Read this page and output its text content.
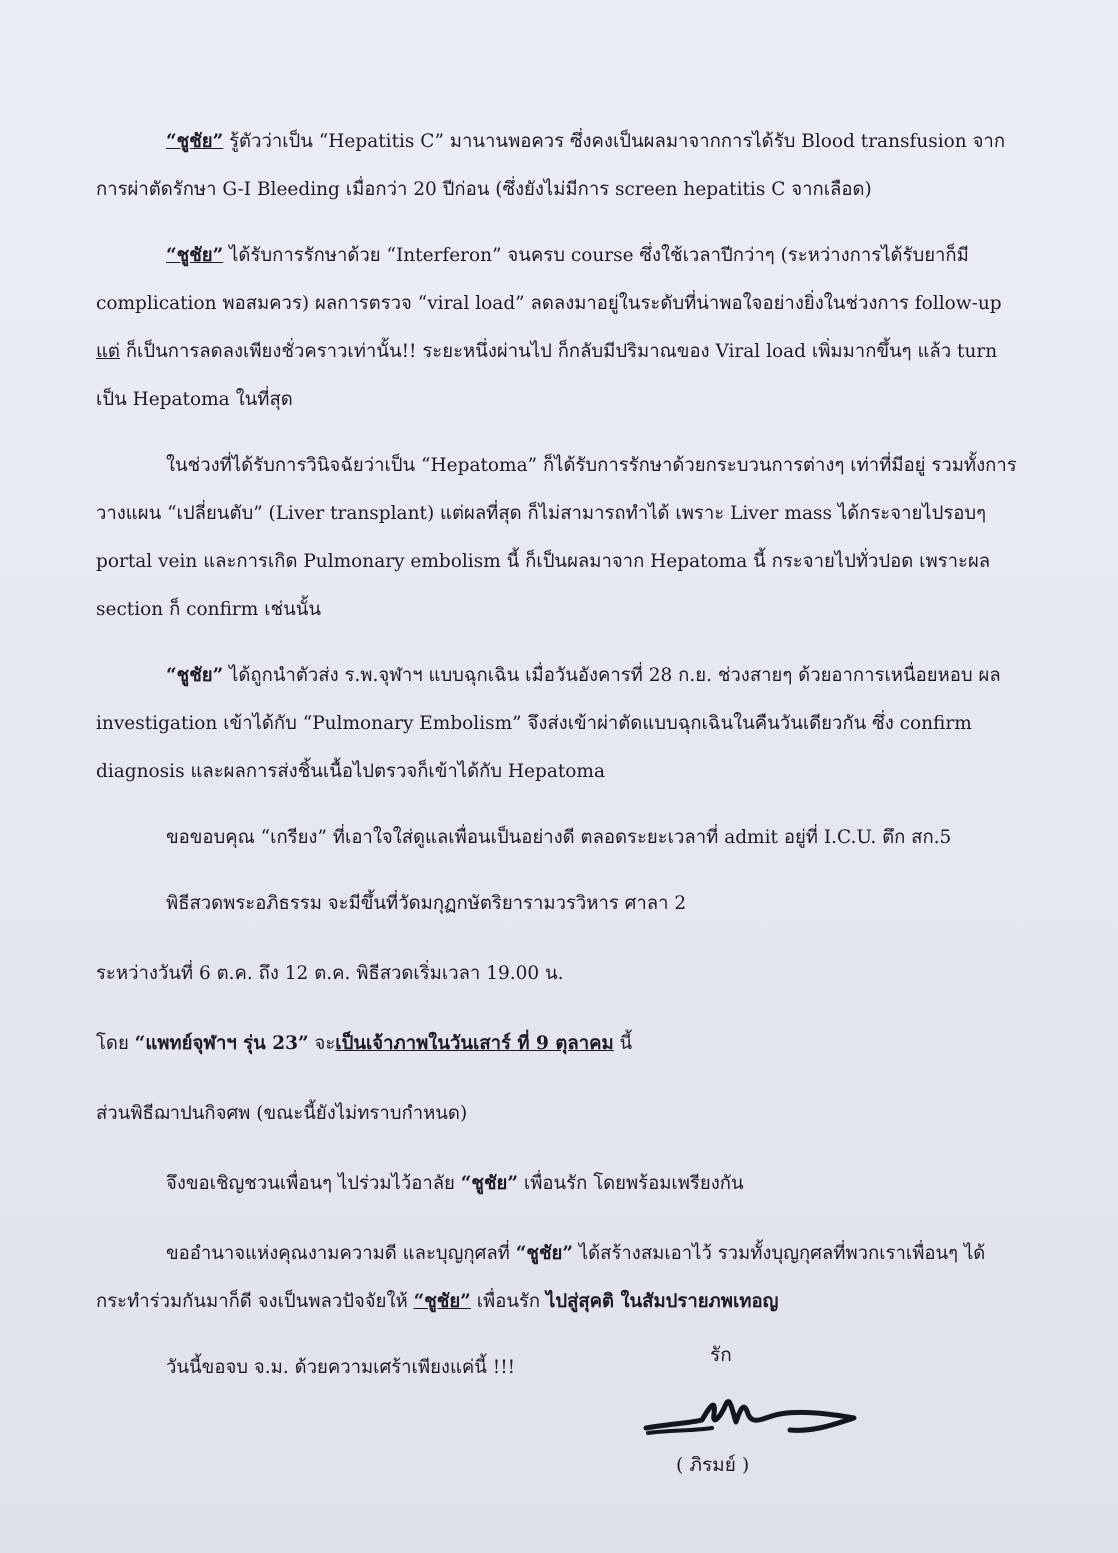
“ชูชัย” รู้ตัวว่าเป็น “Hepatitis C” มานานพอควร ซึ่งคงเป็นผลมาจากการได้รับ Blood transfusion จากการผ่าตัดรักษา G-I Bleeding เมื่อกว่า 20 ปีก่อน (ซึ่งยังไม่มีการ screen hepatitis C จากเลือด)

“ชูชัย” ได้รับการรักษาด้วย “Interferon” จนครบ course ซึ่งใช้เวลาปีกว่าๆ (ระหว่างการได้รับยาก็มี complication พอสมควร) ผลการตรวจ “viral load” ลดลงมาอยู่ในระดับที่น่าพอใจอย่างยิ่งในช่วงการ follow-up แต่ ก็เป็นการลดลงเพียงชั่วคราวเท่านั้น!! ระยะหนึ่งผ่านไป ก็กลับมีปริมาณของ Viral load เพิ่มมากขึ้นๆ แล้ว turn เป็น Hepatoma ในที่สุด

ในช่วงที่ได้รับการวินิจฉัยว่าเป็น “Hepatoma” ก็ได้รับการรักษาด้วยกระบวนการต่างๆ เท่าที่มีอยู่ รวมทั้งการวางแผน “เปลี่ยนตับ” (Liver transplant) แต่ผลที่สุด ก็ไม่สามารถทำได้ เพราะ Liver mass ได้กระจายไปรอบๆ portal vein และการเกิด Pulmonary embolism นี้ ก็เป็นผลมาจาก Hepatoma นี้ กระจายไปทั่วปอด เพราะผล section ก็ confirm เช่นนั้น

“ชูชัย” ได้ถูกนำตัวส่ง ร.พ.จุฬาฯ แบบฉุกเฉิน เมื่อวันอังคารที่ 28 ก.ย. ช่วงสายๆ ด้วยอาการเหนื่อยหอบ ผล investigation เข้าได้กับ “Pulmonary Embolism” จึงส่งเข้าผ่าตัดแบบฉุกเฉินในคืนวันเดียวกัน ซึ่ง confirm diagnosis และผลการส่งชิ้นเนื้อไปตรวจก็เข้าได้กับ Hepatoma

ขอขอบคุณ “เกรียง” ที่เอาใจใส่ดูแลเพื่อนเป็นอย่างดี ตลอดระยะเวลาที่ admit อยู่ที่ I.C.U. ตึก สก.5

พิธีสวดพระอภิธรรม จะมีขึ้นที่วัดมกุฏกษัตริยารามวรวิหาร ศาลา 2

ระหว่างวันที่ 6 ต.ค. ถึง 12 ต.ค. พิธีสวดเริ่มเวลา 19.00 น.

โดย “แพทย์จุฬาฯ รุ่น 23” จะเป็นเจ้าภาพในวันเสาร์ ที่ 9 ตุลาคม นี้

ส่วนพิธีฌาปนกิจศพ (ขณะนี้ยังไม่ทราบกำหนด)

จึงขอเชิญชวนเพื่อนๆ ไปร่วมไว้อาลัย “ชูชัย” เพื่อนรัก โดยพร้อมเพรียงกัน

ขออำนาจแห่งคุณงามความดี และบุญกุศลที่ “ชูชัย” ได้สร้างสมเอาไว้ รวมทั้งบุญกุศลที่พวกเราเพื่อนๆ ได้กระทำร่วมกันมาก็ดี จงเป็นพลวปัจจัยให้ “ชูชัย” เพื่อนรัก ไปสู่สุคติ ในสัมปรายภพเทอญ

วันนี้ขอจบ จ.ม. ด้วยความเศร้าเพียงแค่นี้ !!!

รัก
( ภิรมย์ )
